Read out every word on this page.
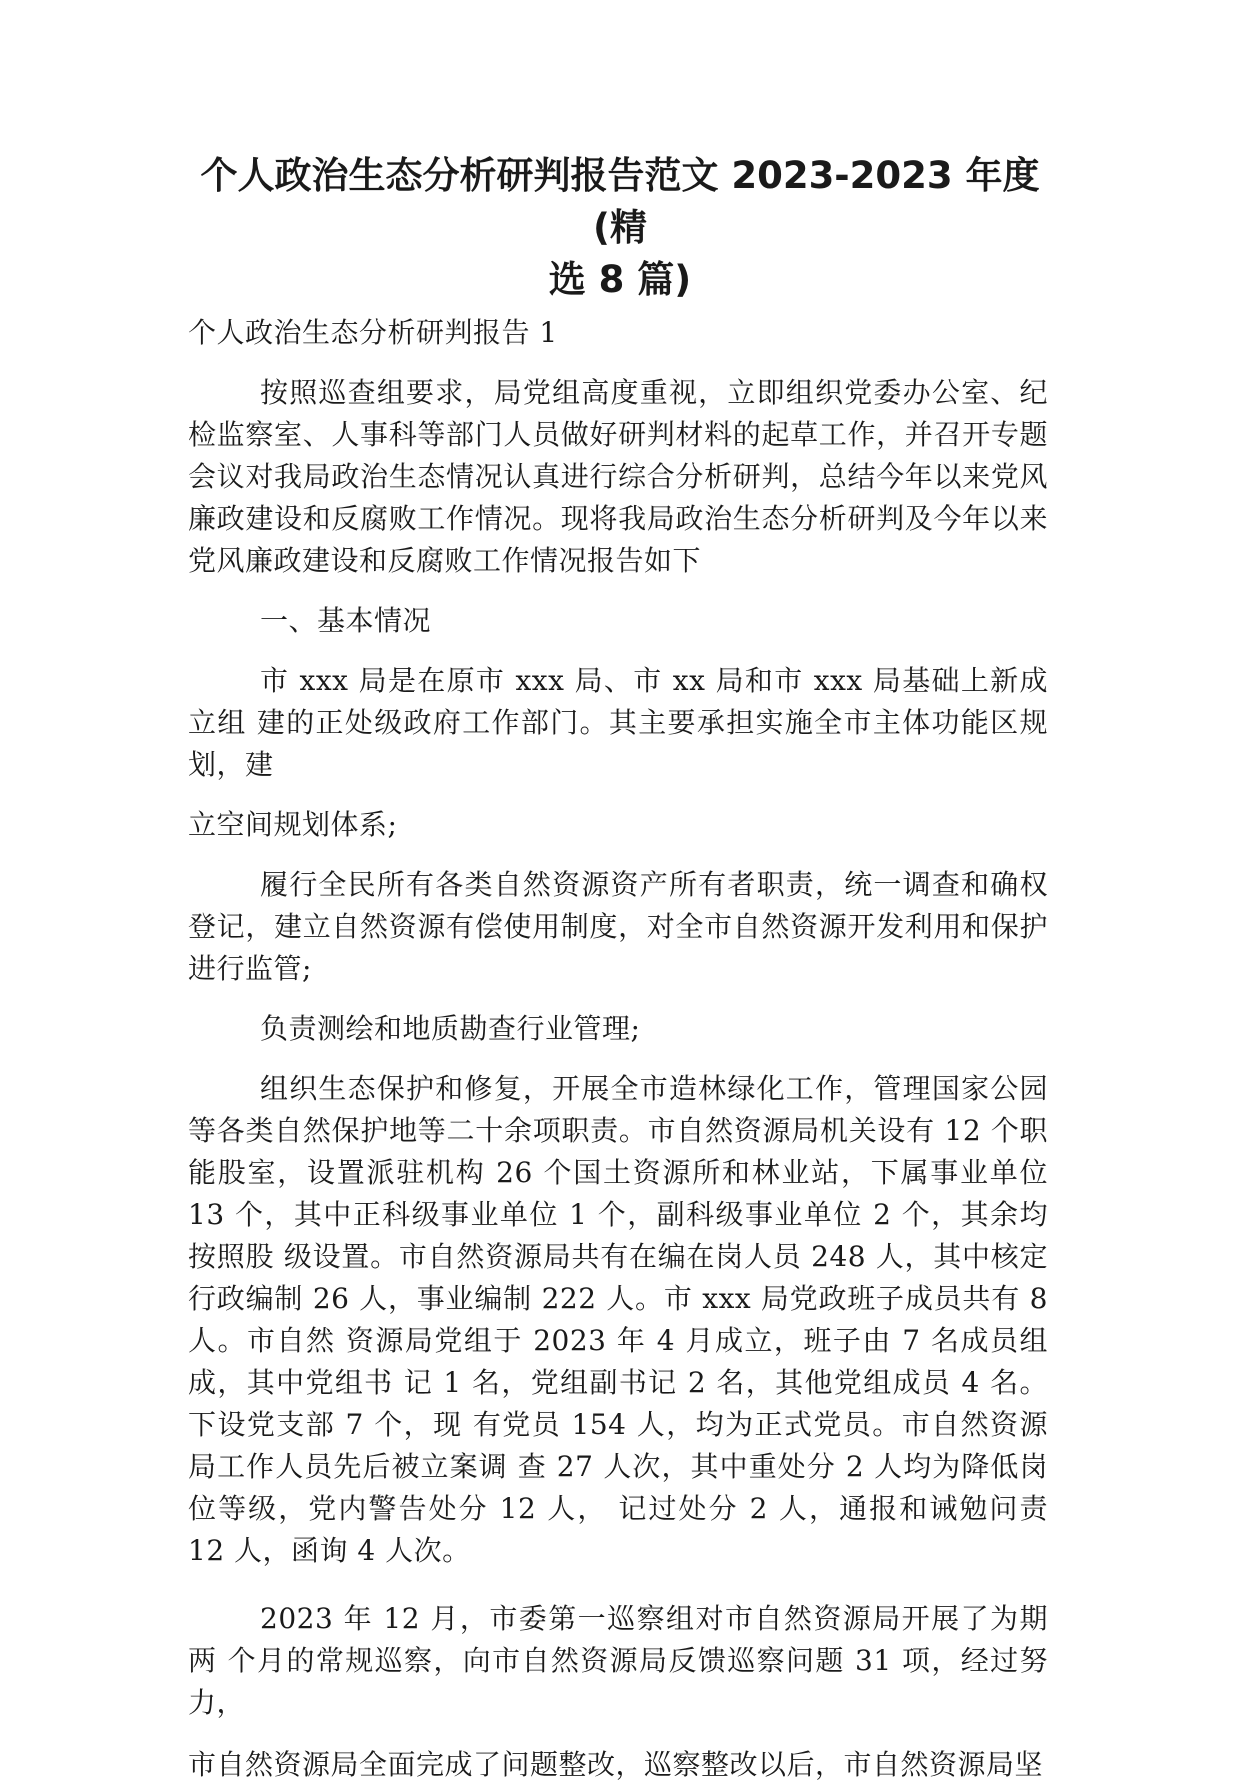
个人政治生态分析研判报告范文 2023-2023 年度(精
选 8 篇)

个人政治生态分析研判报告 1

按照巡查组要求，局党组高度重视，立即组织党委办公室、纪检监察室、人事科等部门人员做好研判材料的起草工作，并召开专题会议对我局政治生态情况认真进行综合分析研判，总结今年以来党风廉政建设和反腐败工作情况。现将我局政治生态分析研判及今年以来党风廉政建设和反腐败工作情况报告如下

一、基本情况

市 xxx 局是在原市 xxx 局、市 xx 局和市 xxx 局基础上新成立组 建的正处级政府工作部门。其主要承担实施全市主体功能区规划，建

立空间规划体系;

履行全民所有各类自然资源资产所有者职责，统一调查和确权登记，建立自然资源有偿使用制度，对全市自然资源开发利用和保护进行监管;

负责测绘和地质勘查行业管理;

组织生态保护和修复，开展全市造林绿化工作，管理国家公园等各类自然保护地等二十余项职责。市自然资源局机关设有 12 个职 能股室，设置派驻机构 26 个国土资源所和林业站，下属事业单位 13 个，其中正科级事业单位 1 个，副科级事业单位 2 个，其余均按照股 级设置。市自然资源局共有在编在岗人员 248 人，其中核定行政编制 26 人，事业编制 222 人。市 xxx 局党政班子成员共有 8 人。市自然 资源局党组于 2023 年 4 月成立，班子由 7 名成员组成，其中党组书 记 1 名，党组副书记 2 名，其他党组成员 4 名。下设党支部 7 个，现 有党员 154 人，均为正式党员。市自然资源局工作人员先后被立案调 查 27 人次，其中重处分 2 人均为降低岗位等级，党内警告处分 12 人， 记过处分 2 人，通报和诫勉问责 12 人，函询 4 人次。

2023 年 12 月，市委第一巡察组对市自然资源局开展了为期两 个月的常规巡察，向市自然资源局反馈巡察问题 31 项，经过努力，

市自然资源局全面完成了问题整改，巡察整改以后，市自然资源局坚
